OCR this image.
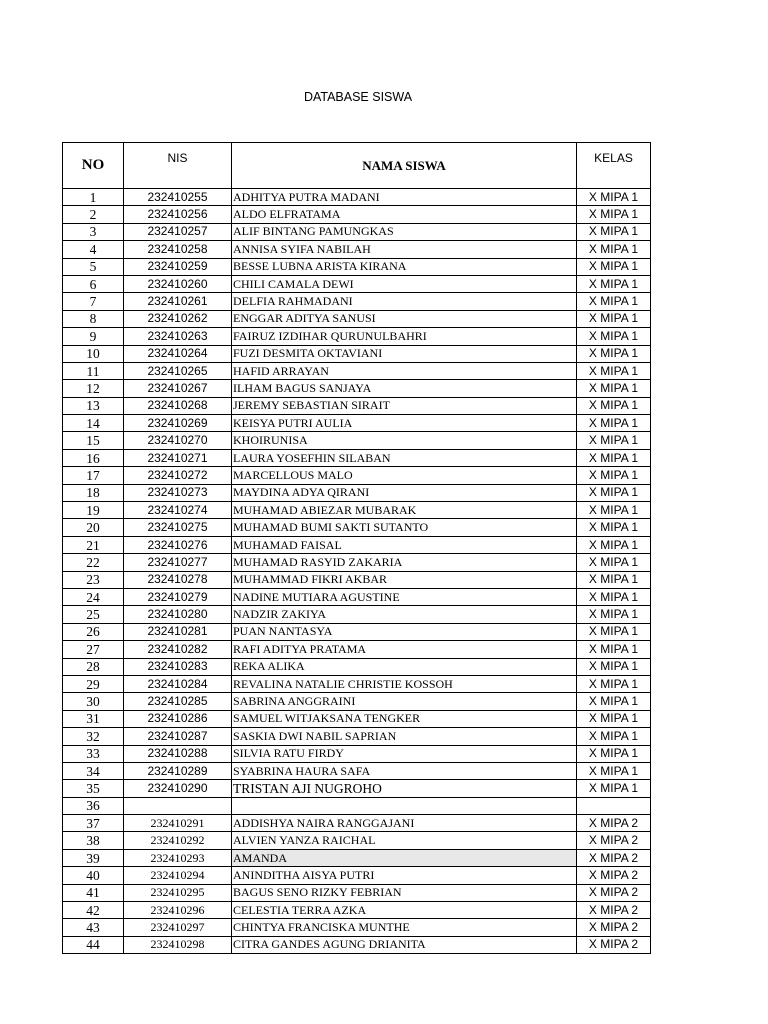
DATABASE SISWA
NO	NIS	NAMA SISWA	KELAS
1	232410255	ADHITYA PUTRA MADANI	X MIPA 1
2	232410256	ALDO ELFRATAMA	X MIPA 1
3	232410257	ALIF BINTANG PAMUNGKAS	X MIPA 1
4	232410258	ANNISA SYIFA NABILAH	X MIPA 1
5	232410259	BESSE LUBNA ARISTA KIRANA	X MIPA 1
6	232410260	CHILI CAMALA DEWI	X MIPA 1
7	232410261	DELFIA RAHMADANI	X MIPA 1
8	232410262	ENGGAR ADITYA SANUSI	X MIPA 1
9	232410263	FAIRUZ IZDIHAR QURUNULBAHRI	X MIPA 1
10	232410264	FUZI DESMITA OKTAVIANI	X MIPA 1
11	232410265	HAFID ARRAYAN	X MIPA 1
12	232410267	ILHAM BAGUS SANJAYA	X MIPA 1
13	232410268	JEREMY SEBASTIAN SIRAIT	X MIPA 1
14	232410269	KEISYA PUTRI AULIA	X MIPA 1
15	232410270	KHOIRUNISA	X MIPA 1
16	232410271	LAURA YOSEFHIN SILABAN	X MIPA 1
17	232410272	MARCELLOUS MALO	X MIPA 1
18	232410273	MAYDINA ADYA QIRANI	X MIPA 1
19	232410274	MUHAMAD ABIEZAR MUBARAK	X MIPA 1
20	232410275	MUHAMAD BUMI SAKTI SUTANTO	X MIPA 1
21	232410276	MUHAMAD FAISAL	X MIPA 1
22	232410277	MUHAMAD RASYID ZAKARIA	X MIPA 1
23	232410278	MUHAMMAD FIKRI AKBAR	X MIPA 1
24	232410279	NADINE MUTIARA AGUSTINE	X MIPA 1
25	232410280	NADZIR ZAKIYA	X MIPA 1
26	232410281	PUAN NANTASYA	X MIPA 1
27	232410282	RAFI ADITYA PRATAMA	X MIPA 1
28	232410283	REKA ALIKA	X MIPA 1
29	232410284	REVALINA NATALIE CHRISTIE KOSSOH	X MIPA 1
30	232410285	SABRINA ANGGRAINI	X MIPA 1
31	232410286	SAMUEL WITJAKSANA TENGKER	X MIPA 1
32	232410287	SASKIA DWI NABIL SAPRIAN	X MIPA 1
33	232410288	SILVIA RATU FIRDY	X MIPA 1
34	232410289	SYABRINA HAURA SAFA	X MIPA 1
35	232410290	TRISTAN AJI NUGROHO	X MIPA 1
36			
37	232410291	ADDISHYA NAIRA RANGGAJANI	X MIPA 2
38	232410292	ALVIEN YANZA RAICHAL	X MIPA 2
39	232410293	AMANDA	X MIPA 2
40	232410294	ANINDITHA AISYA PUTRI	X MIPA 2
41	232410295	BAGUS SENO RIZKY FEBRIAN	X MIPA 2
42	232410296	CELESTIA TERRA AZKA	X MIPA 2
43	232410297	CHINTYA FRANCISKA MUNTHE	X MIPA 2
44	232410298	CITRA GANDES AGUNG DRIANITA	X MIPA 2
